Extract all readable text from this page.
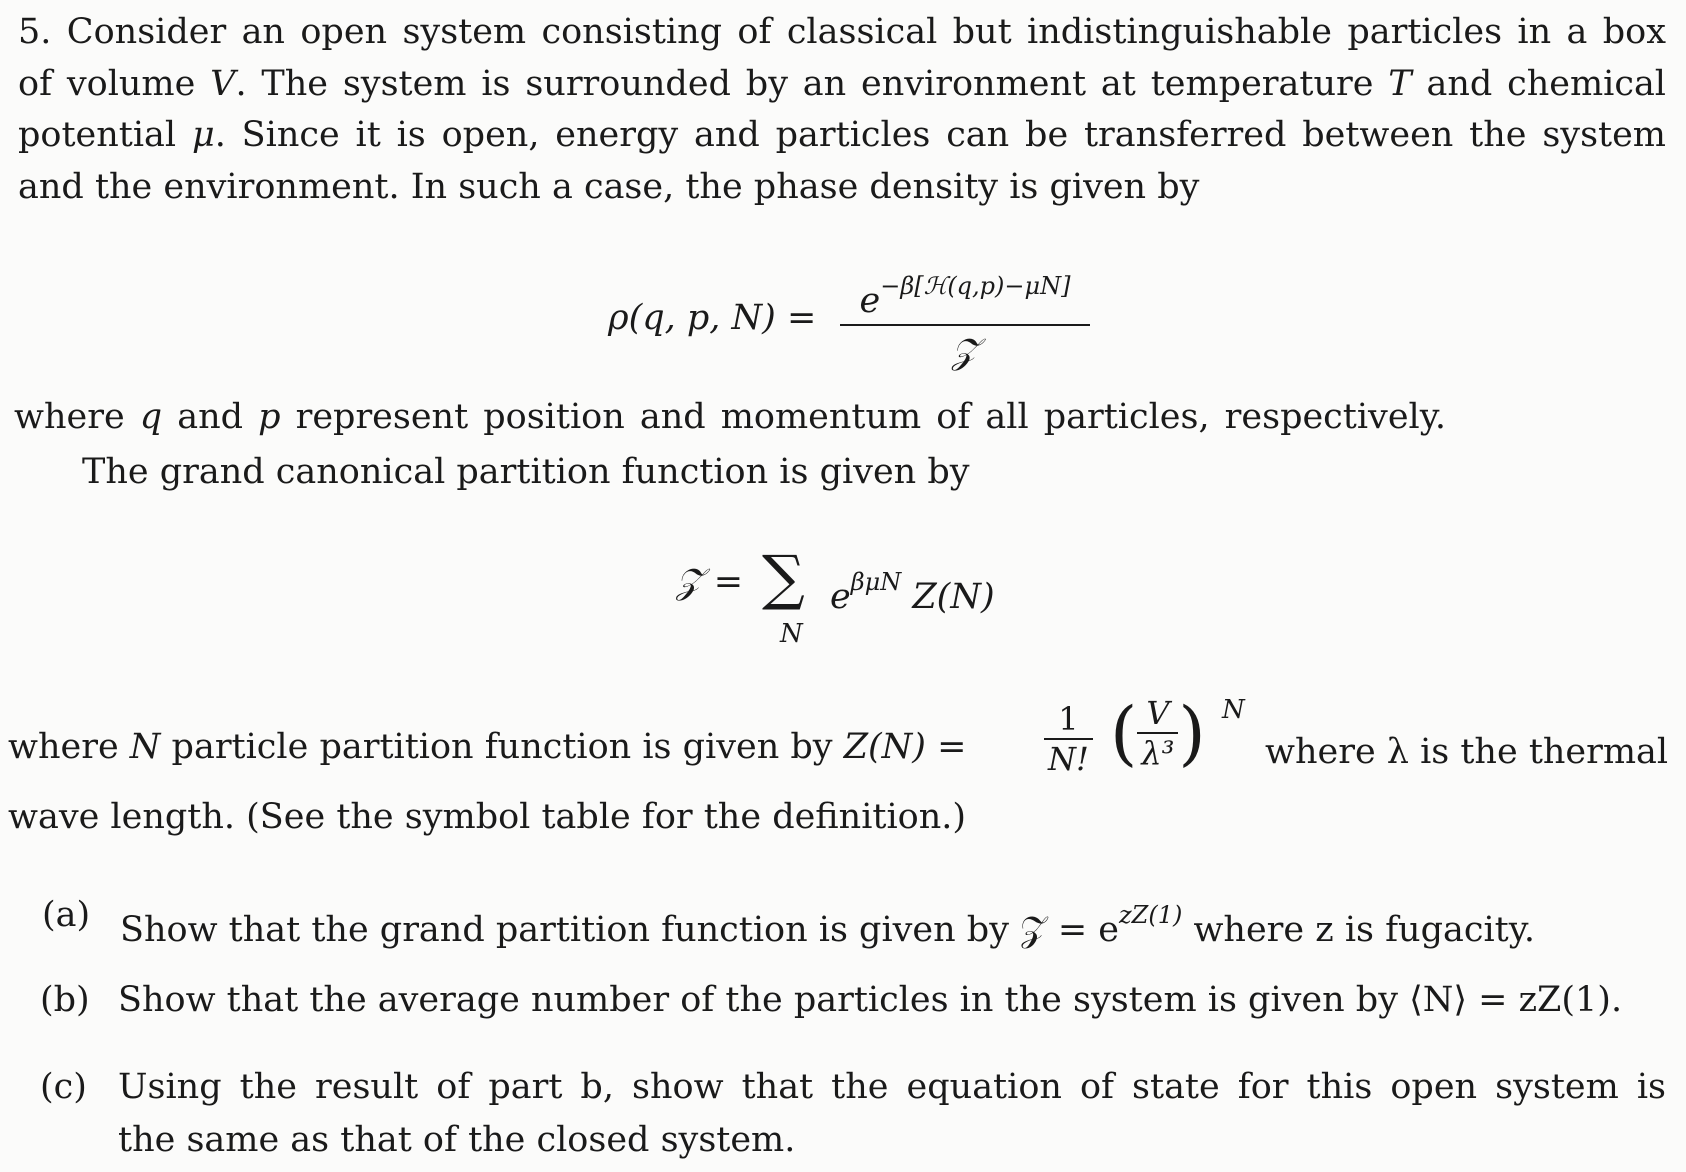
5. Consider an open system consisting of classical but indistinguishable particles in a box
of volume V. The system is surrounded by an environment at temperature T and chemical
potential μ. Since it is open, energy and particles can be transferred between the system
and the environment. In such a case, the phase density is given by
ρ(q, p, N) =	$e^{-\beta[ℋ(q,p)-\mu N]}$
𝒵
where q and p represent position and momentum of all particles, respectively.
The grand canonical partition function is given by
𝒵 = ∑
N
$e^{\beta\mu N}$ Z(N)
where N particle partition function is given by $Z(N) = \frac{1}{N!}$ ( $\frac{V}{\text{λ³}}$ ) N
where λ is the thermal
wave length. (See the symbol table for the definition.)
(a) Show that the grand partition function is given by 𝒵 = $e^{zZ(1)}$ where z is fugacity.
(b) Show that the average number of the particles in the system is given by ⟨N⟩ = zZ(1).
(c) Using the result of part b, show that the equation of state for this open system is
the same as that of the closed system.
